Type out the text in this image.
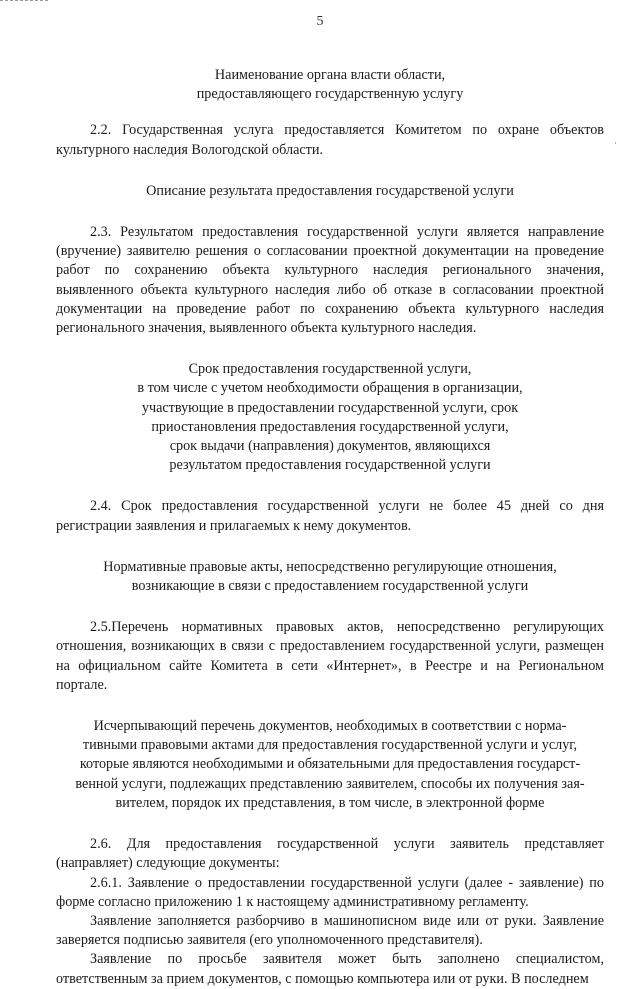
5
Наименование органа власти области,
предоставляющего государственную услугу

2.2. Государственная услуга предоставляется Комитетом по охране объектов культурного наследия Вологодской области.

Описание результата предоставления государственой услуги

2.3. Результатом предоставления государственной услуги является направление (вручение) заявителю решения о согласовании проектной документации на проведение работ по сохранению объекта культурного наследия регионального значения, выявленного объекта культурного наследия либо об отказе в согласовании проектной документации на проведение работ по сохранению объекта культурного наследия регионального значения, выявленного объекта культурного наследия.

Срок предоставления государственной услуги,
в том числе с учетом необходимости обращения в организации,
участвующие в предоставлении государственной услуги, срок
приостановления предоставления государственной услуги,
срок выдачи (направления) документов, являющихся
результатом предоставления государственной услуги

2.4. Срок предоставления государственной услуги не более 45 дней со дня регистрации заявления и прилагаемых к нему документов.

Нормативные правовые акты, непосредственно регулирующие отношения,
возникающие в связи с предоставлением государственной услуги

2.5.Перечень нормативных правовых актов, непосредственно регулирующих отношения, возникающих в связи с предоставлением государственной услуги, размещен на официальном сайте Комитета в сети «Интернет», в Реестре и на Региональном портале.

Исчерпывающий перечень документов, необходимых в соответствии с норма-
тивными правовыми актами для предоставления государственной услуги и услуг,
которые являются необходимыми и обязательными для предоставления государст-
венной услуги, подлежащих представлению заявителем, способы их получения зая-
вителем, порядок их представления, в том числе, в электронной форме

2.6. Для предоставления государственной услуги заявитель представляет (направляет) следующие документы:

2.6.1. Заявление о предоставлении государственной услуги (далее - заявление) по форме согласно приложению 1 к настоящему административному регламенту.

Заявление заполняется разборчиво в машинописном виде или от руки. Заявление заверяется подписью заявителя (его уполномоченного представителя).

Заявление по просьбе заявителя может быть заполнено специалистом, ответственным за прием документов, с помощью компьютера или от руки. В последнем

·
